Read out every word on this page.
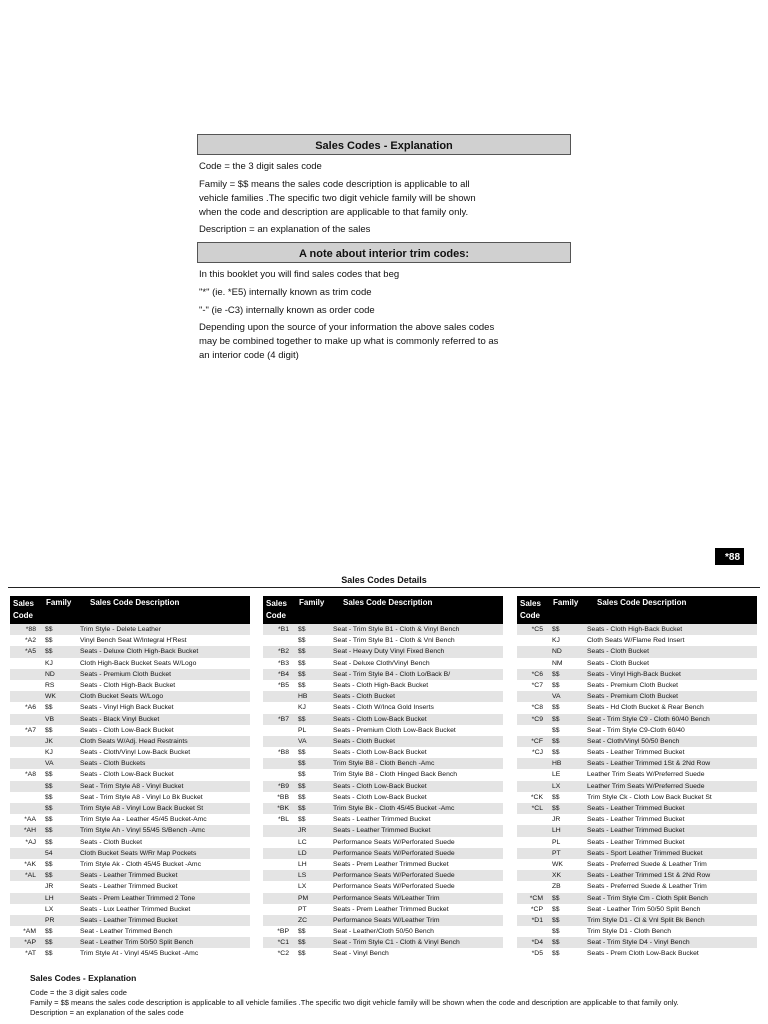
Sales Codes - Explanation
Code = the 3 digit sales code
Family = $$ means the sales code description is applicable to all vehicle families .The specific two digit vehicle family will be shown when the code and description are applicable to that family only.
Description = an explanation of the sales
A note about interior trim codes:
In this booklet you will find sales codes that beg
"*" (ie. *E5) internally known as trim code
"-" (ie -C3) internally known as order code
Depending upon the source of your information the above sales codes may be combined together to make up what is commonly referred to as an interior code (4 digit)
*88
Sales Codes Details
Sales Code
Family Sales Code Description
*88 $$	Trim Style - Delete Leather
*A2 $$	Vinyl Bench Seat W/Integral H'Rest
*A5 $$	Seats - Deluxe Cloth High-Back Bucket
KJ	Cloth High-Back Bucket Seats W/Logo
ND	Seats - Premium Cloth Bucket
RS	Seats - Cloth High-Back Bucket
WK	Cloth Bucket Seats W/Logo
*A6 $$	Seats - Vinyl High Back Bucket
VB	Seats - Black Vinyl Bucket
*A7 $$	Seats - Cloth Low-Back Bucket
JK	Cloth Seats W/Adj. Head Restraints
KJ	Seats - Cloth/Vinyl Low-Back Bucket
VA	Seats - Cloth Buckets
*A8 $$	Seats - Cloth Low-Back Bucket
$$	Seat - Trim Style A8 - Vinyl Bucket
$$	Seat - Trim Style A8 - Vinyl Lo Bk Bucket
$$	Trim Style A8 - Vinyl Low Back Bucket St
*AA $$	Trim Style Aa - Leather 45/45 Bucket-Amc
*AH $$	Trim Style Ah - Vinyl 55/45 S/Bench -Amc
*AJ $$	Seats - Cloth Bucket
54	Cloth Bucket Seats W/Rr Map Pockets
*AK $$	Trim Style Ak - Cloth 45/45 Bucket -Amc
*AL $$	Seats - Leather Trimmed Bucket
JR	Seats - Leather Trimmed Bucket
LH	Seats - Prem Leather Trimmed 2 Tone
LX	Seats - Lux Leather Trimmed Bucket
PR	Seats - Leather Trimmed Bucket
*AM $$	Seat - Leather Trimmed Bench
*AP $$	Seat - Leather Trim 50/50 Split Bench
*AT $$	Trim Style At - Vinyl 45/45 Bucket -Amc
Sales Code
Family Sales Code Description
*B1 $$	Seat - Trim Style B1 - Cloth & Vinyl Bench
$$	Seat - Trim Style B1 - Cloth & Vnl Bench
*B2 $$	Seat - Heavy Duty Vinyl Fixed Bench
*B3 $$	Seat - Deluxe Cloth/Vinyl Bench
*B4 $$	Seat - Trim Style B4 - Cloth Lo/Back B/
*B5 $$	Seats - Cloth High-Back Bucket
HB	Seats - Cloth Bucket
KJ	Seats - Cloth W/Inca Gold Inserts
*B7 $$	Seats - Cloth Low-Back Bucket
PL	Seats - Premium Cloth Low-Back Bucket
VA	Seats - Cloth Bucket
*B8 $$	Seats - Cloth Low-Back Bucket
$$	Trim Style B8 - Cloth Bench -Amc
$$	Trim Style B8 - Cloth Hinged Back Bench
*B9 $$	Seats - Cloth Low-Back Bucket
*BB $$	Seats - Cloth Low-Back Bucket
*BK $$	Trim Style Bk - Cloth 45/45 Bucket -Amc
*BL $$	Seats - Leather Trimmed Bucket
JR	Seats - Leather Trimmed Bucket
LC	Performance Seats W/Perforated Suede
LD	Performance Seats W/Perforated Suede
LH	Seats - Prem Leather Trimmed Bucket
LS	Performance Seats W/Perforated Suede
LX	Performance Seats W/Perforated Suede
PM	Performance Seats W/Leather Trim
PT	Seats - Prem Leather Trimmed Bucket
ZC	Performance Seats W/Leather Trim
*BP $$	Seat - Leather/Cloth 50/50 Bench
*C1 $$	Seat - Trim Style C1 - Cloth & Vinyl Bench
*C2 $$	Seat - Vinyl Bench
Sales Code
Family Sales Code Description
*C5 $$	Seats - Cloth High-Back Bucket
KJ	Cloth Seats W/Flame Red Insert
ND	Seats - Cloth Bucket
NM	Seats - Cloth Bucket
*C6 $$	Seats - Vinyl High-Back Bucket
*C7 $$	Seats - Premium Cloth Bucket
VA	Seats - Premium Cloth Bucket
*C8 $$	Seats - Hd Cloth Bucket & Rear Bench
*C9 $$	Seat - Trim Style C9 - Cloth 60/40 Bench
$$	Seat - Trim Style C9-Cloth 60/40
*CF $$	Seat - Cloth/Vinyl 50/50 Bench
*CJ $$	Seats - Leather Trimmed Bucket
HB	Seats - Leather Trimmed 1St & 2Nd Row
LE	Leather Trim Seats W/Preferred Suede
LX	Leather Trim Seats W/Preferred Suede
*CK $$	Trim Style Ck - Cloth Low Back Bucket St
*CL $$	Seats - Leather Trimmed Bucket
JR	Seats - Leather Trimmed Bucket
LH	Seats - Leather Trimmed Bucket
PL	Seats - Leather Trimmed Bucket
PT	Seats - Sport Leather Trimmed Bucket
WK	Seats - Preferred Suede & Leather Trim
XK	Seats - Leather Trimmed 1St & 2Nd Row
ZB	Seats - Preferred Suede & Leather Trim
*CM $$	Seat - Trim Style Cm - Cloth Split Bench
*CP $$	Seat - Leather Trim 50/50 Split Bench
*D1 $$	Trim Style D1 - Cl & Vnl Split Bk Bench
$$	Trim Style D1 - Cloth Bench
*D4 $$	Seat - Trim Style D4 - Vinyl Bench
*D5 $$	Seats - Prem Cloth Low-Back Bucket
Sales Codes - Explanation
Code = the 3 digit sales code
Family = $$ means the sales code description is applicable to all vehicle families .The specific two digit vehicle family will be shown when the code and description are applicable to that family only.
Description = an explanation of the sales code
